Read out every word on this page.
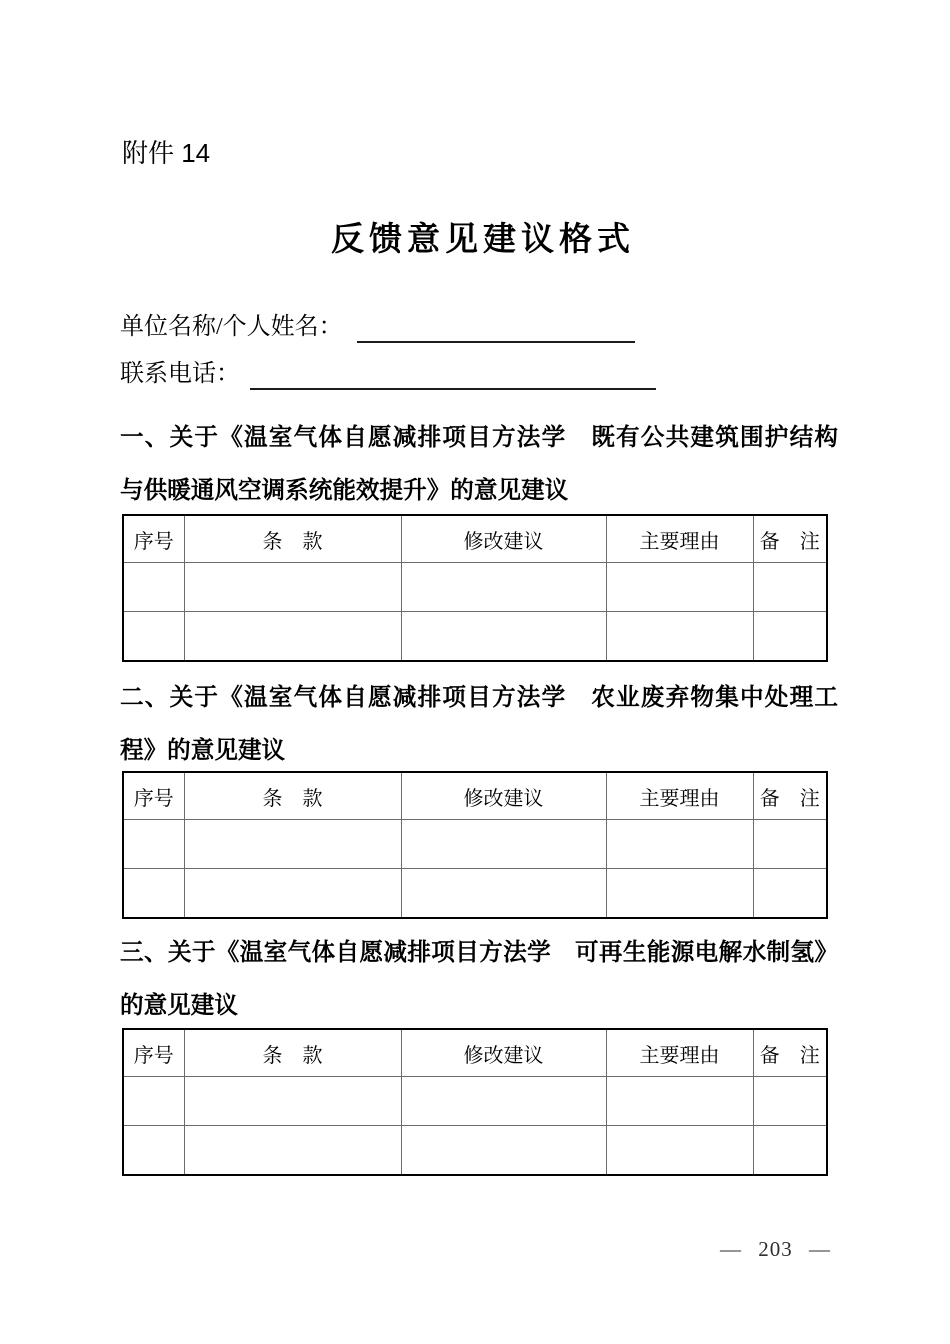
附件 14
反馈意见建议格式
单位名称/个人姓名：
联系电话：
一、关于《温室气体自愿减排项目方法学　既有公共建筑围护结构
与供暖通风空调系统能效提升》的意见建议
序号	条　款	修改建议	主要理由	备　注

二、关于《温室气体自愿减排项目方法学　农业废弃物集中处理工
程》的意见建议
序号	条　款	修改建议	主要理由	备　注

三、关于《温室气体自愿减排项目方法学　可再生能源电解水制氢》
的意见建议
序号	条　款	修改建议	主要理由	备　注

— 203 —
